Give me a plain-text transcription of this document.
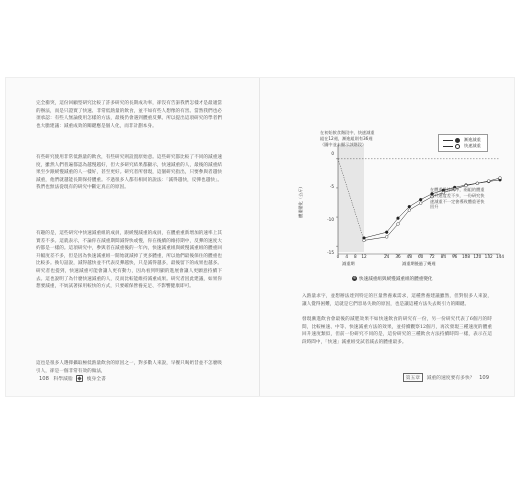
完全衝突，這份回顧型研究比較了許多研究的長期成功率，卻沒有告訴我們怎樣才是最適當的辦法，而是只證實了快速、非常低熱量的飲食，並不如有些人想像的有害。當然我們也必須承認：有些人無論使用怎樣的方法，最後仍會遇到體重反彈。所以提出這項研究的學者們也大膽建議：減重成效的關鍵應是個人化，而非計劃本身。
有些研究使用非常低熱量的飲食，有些研究則設置原始意。這些研究都比較了不同的減重速度，雖然人們普遍都認為越慢越好，但大多研究結果都顯示，快速減重的人，最後的減重結果至少跟緩慢減重的人一樣好，甚至更好。研究者所發現，這個研究指出，只要參與者越快減重，他們就越能長期保持體重。不過很多人都有相同的說法：「減得越快，反彈也越快」。我們也無法從現有的研究中斷定真正的原因。
有趣的是，這些研究中快速減重組的成員，跟緩慢減重的成員，在體重重新增加的速率上其實差不多。這就表示，不論你在減重期間減得快或慢，你在後續的維持期中，反彈的速度大約都是一樣的。這項研究中，參與者在減重後的一年內，快速減重組與緩慢減重組的體重回升幅度差不多，但是因為快速減重組一開始就減掉了更多體重，所以他們最後保住的體重也比較多。換句話說，減得越快並不代表反彈越快，只是減得越多，最後留下的成果也越多。研究者也提到，快速減重可能會讓人更有動力，因為看到明顯的進展會讓人更願意持續下去。這也說明了為什麼快速減重的人，反而比較能維持減重成果。研究者因此建議，如果你想要減重，不妨試著採用較快的方式，只要確保營養充足、不影響健康即可。
這也是很多人選擇攝取極低熱量飲食的原因之一，對多數人來說，早餐只喝奶昔並不怎麼吸引人，卻是一個非常有效的做法，
108 科學減脂	瘦身全書
在初始飲食階段中，快速減重組在12週，漸進組則有36週（圖中並未顯示該階段）
在體重維持期中，兩組的體重回升速度差不多，一份研究快速減重不一定會導致體重更快回升
漸進減重
快速減重
體重變化（公斤）
0
-5
-10
-15
0	4	8	12	24	36	48	60	72	84	96	108 120 132 144
減重期	減重期後過了幾週
6 快速減重組與緩慢減重組的體重變化
入熱量求字，並想辦法達到特定的巨量營養素需求，這種營養建議雖然，但對很多人來說，讓人覺得困難，這就是它們容易失敗的原因，也是讓這種方法失去吸引力的關鍵。
發現漸進飲食會最後的減肥效果不如快速飲食的研究有一份，另一份研究代表了6個月的時間，比較極速、中等、快速減重方法的效果，並持續觀察12個月，再次發現三種速度的體重回升速度類似，但前一份研究不同的是，這份研究的三種飲食方法持續時間一樣，表示在這段時間中，「快速」減重組受試者減去的體重最多。
第五章 減重的速度要有多快？ 109
